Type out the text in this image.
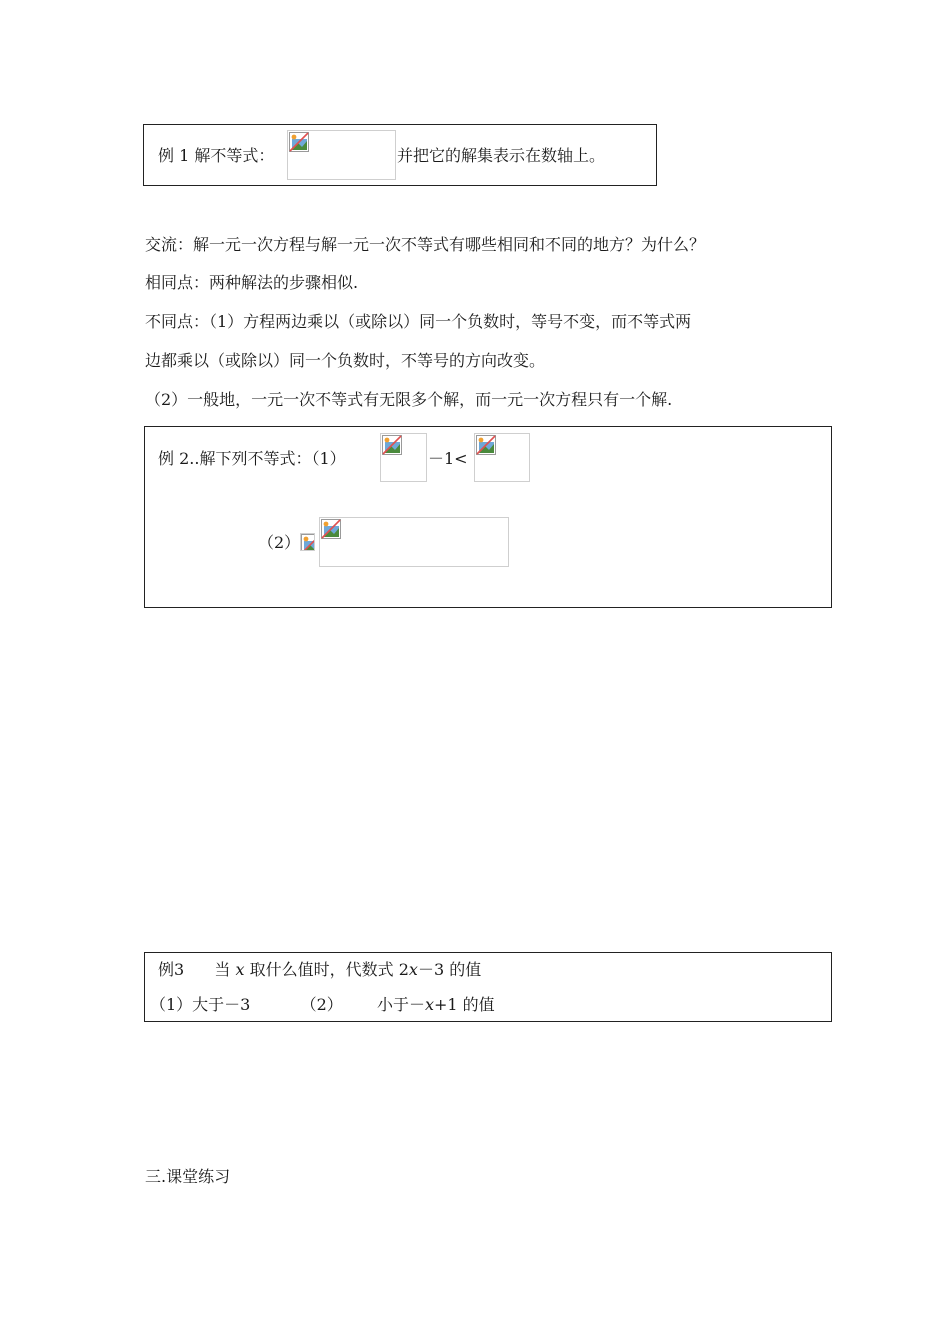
例 1 解不等式：	并把它的解集表示在数轴上。
交流：解一元一次方程与解一元一次不等式有哪些相同和不同的地方？为什么？
相同点：两种解法的步骤相似.
不同点：（1）方程两边乘以（或除以）同一个负数时，等号不变，而不等式两
边都乘以（或除以）同一个负数时，不等号的方向改变。
（2）一般地，一元一次不等式有无限多个解，而一元一次方程只有一个解.
例 2..解下列不等式：（1）	－1<
（2）
例3 当 x 取什么值时，代数式 2x－3 的值
（1）大于－3	（2） 小于－x+1 的值
三.课堂练习
